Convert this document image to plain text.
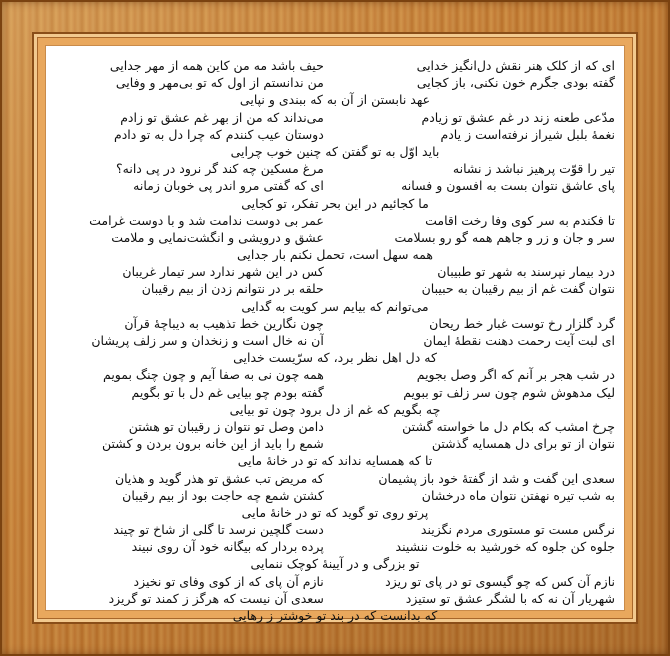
ای که از کلک هنر نقش دل‌انگیز خدایی
حیف باشد مه من کاین همه از مهر جدایی
گفته بودی جگرم خون نکنی، باز کجایی
من ندانستم از اول که تو بی‌مهر و وفایی
عهد نابستن از آن به که ببندی و نپایی
مدّعی طعنه زند در غم عشق تو زیادم
می‌نداند که من از بهر غم عشق تو زادم
نغمهٔ بلبل شیراز نرفته‌است ز یادم
دوستان عیب کنندم که چرا دل به تو دادم
باید اوّل به تو گفتن که چنین خوب چرایی
تیر را قوّت پرهیز نباشد ز نشانه
مرغ مسکین چه کند گر نرود در پی دانه؟
پای عاشق نتوان بست به افسون و فسانه
ای که گفتی مرو اندر پی خوبان زمانه
ما کجائیم در این بحر تفکر، تو کجایی
تا فکندم به سر کوی وفا رخت اقامت
عمر بی دوست ندامت شد و با دوست غرامت
سر و جان و زر و جاهم همه گو رو بسلامت
عشق و درویشی و انگشت‌نمایی و ملامت
همه سهل است، تحمل نکنم بار جدایی
درد بیمار نپرسند به شهر تو طبیبان
کس در این شهر ندارد سر تیمار غریبان
نتوان گفت غم از بیم رقیبان به حبیبان
حلقه بر در نتوانم زدن از بیم رقیبان
می‌توانم که بیایم سر کویت به گدایی
گرد گلزار رخ توست غبار خط ریحان
چون نگارین خط تذهیب به دیباچهٔ قرآن
ای لبت آیت رحمت دهنت نقطهٔ ایمان
آن نه خال است و زنخدان و سر زلف پریشان
که دل اهل نظر برد، که سرّیست خدایی
در شب هجر بر آنم که اگر وصل بجویم
همه چون نی به صفا آیم و چون چنگ بمویم
لیک مدهوش شوم چون سر زلف تو ببویم
گفته بودم چو بیایی غم دل با تو بگویم
چه بگویم که غم از دل برود چون تو بیایی
چرخ امشب که بکام دل ما خواسته گشتن
دامن وصل تو نتوان ز رقیبان تو هشتن
نتوان از تو برای دل همسایه گذشتن
شمع را باید از این خانه برون بردن و کشتن
تا که همسایه نداند که تو در خانهٔ مایی
سعدی این گفت و شد از گفتهٔ خود باز پشیمان
که مریض تب عشق تو هذر گوید و هذیان
به شب تیره نهفتن نتوان ماه درخشان
کشتن شمع چه حاجت بود از بیم رقیبان
پرتو روی تو گوید که تو در خانهٔ مایی
نرگس مست تو مستوری مردم نگزیند
دست گلچین نرسد تا گلی از شاخ تو چیند
جلوه کن جلوه که خورشید به خلوت ننشیند
پرده بردار که بیگانه خود آن روی نبیند
تو بزرگی و در آیینهٔ کوچک ننمایی
نازم آن کس که چو گیسوی تو در پای تو ریزد
نازم آن پای که از کوی وفای تو نخیزد
شهریار آن نه که با لشگر عشق تو ستیزد
سعدی آن نیست که هرگز ز کمند تو گریزد
که بدانست که در بند تو خوشتر ز رهایی
